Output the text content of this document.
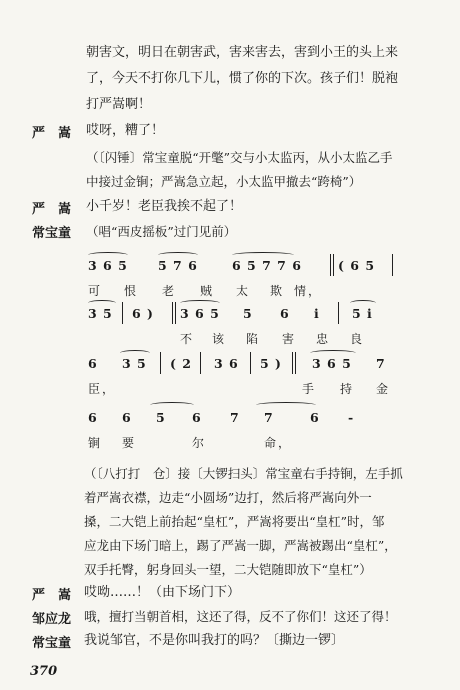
朝害文，明日在朝害武，害来害去，害到小王的头上来
了，今天不打你几下儿，惯了你的下次。孩子们！脱袍
打严嵩啊！
严　嵩 哎呀，糟了！
（〔闪锤〕常宝童脱“开氅”交与小太监丙，从小太监乙手
中接过金锏；严嵩急立起，小太监甲撤去“跨椅”）
严　嵩 小千岁！老臣我挨不起了！
常宝童 （唱“西皮摇板”过门见前）
3 6 5 5 7 6	6 5 7 7 6	( 6 5
可 恨 老 贼 太 欺 情，
3 5 6 ) 3 6 5 5 6 i	5 i
不 该 陷 害 忠 良
6 3 5 ( 2 3 6 5 ) 3 6 5 7
臣，	手 持 金
6 6 5 6 7 7	6 -
锏 要	尔	命，
（〔八打打　仓〕接〔大锣扫头〕常宝童右手持锏，左手抓
着严嵩衣襟，边走“小圆场”边打，然后将严嵩向外一
搡，二大铠上前抬起“皇杠”，严嵩将要出“皇杠”时，邹
应龙由下场门暗上，踢了严嵩一脚，严嵩被踢出“皇杠”，
双手托臀，躬身回头一望，二大铠随即放下“皇杠”）
严　嵩 哎呦……！（由下场门下）
邹应龙 哦，擅打当朝首相，这还了得，反不了你们！这还了得！
常宝童 我说邹官，不是你叫我打的吗？〔撕边一锣〕
370
